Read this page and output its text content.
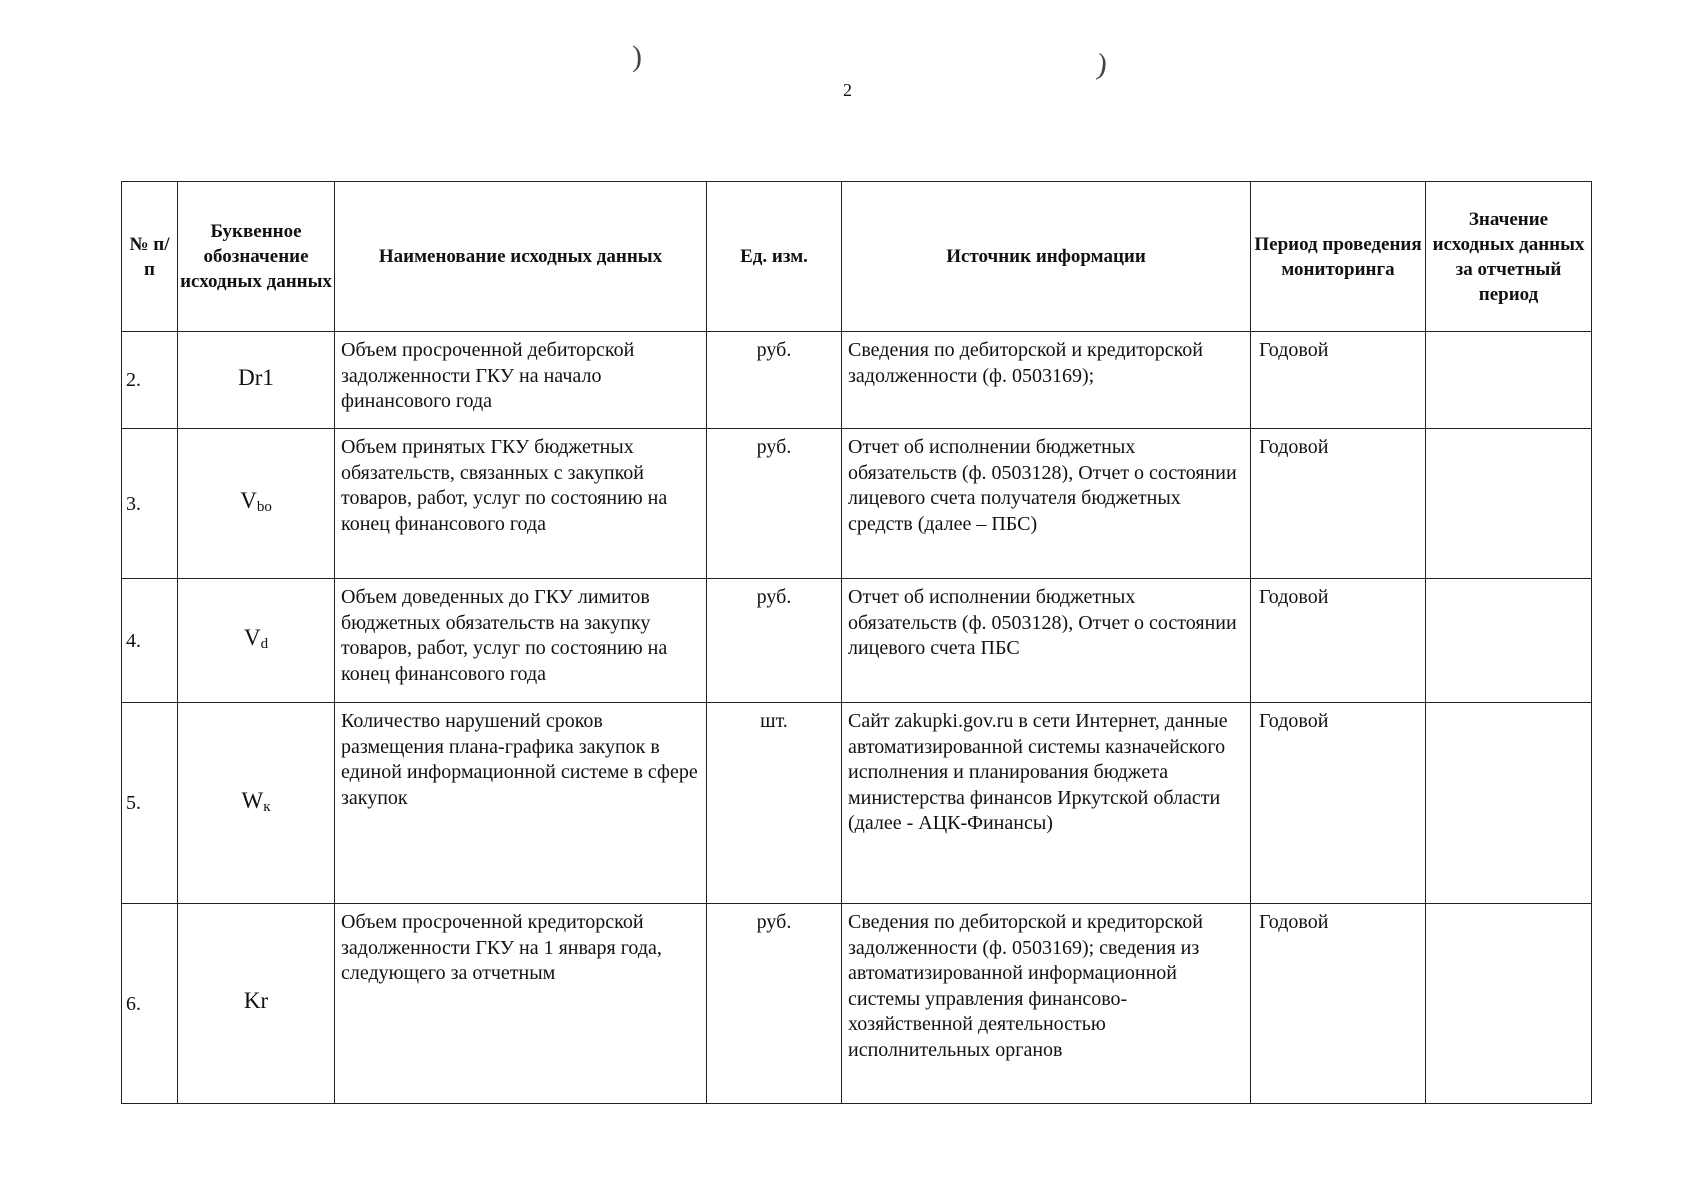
)	)
2
№ п/п	Буквенное обозначение исходных данных	Наименование исходных данных	Ед. изм.	Источник информации	Период проведения мониторинга	Значение исходных данных за отчетный период
2.	Dr1	Объем просроченной дебиторской задолженности ГКУ на начало финансового года	руб.	Сведения по дебиторской и кредиторской задолженности (ф. 0503169);	Годовой	
3.	$V_{bo}$	Объем принятых ГКУ бюджетных обязательств, связанных с закупкой товаров, работ, услуг по состоянию на конец финансового года	руб.	Отчет об исполнении бюджетных обязательств (ф. 0503128), Отчет о состоянии лицевого счета получателя бюджетных средств (далее – ПБС)	Годовой	
4.	$V_d$	Объем доведенных до ГКУ лимитов бюджетных обязательств на закупку товаров, работ, услуг по состоянию на конец финансового года	руб.	Отчет об исполнении бюджетных обязательств (ф. 0503128), Отчет о состоянии лицевого счета ПБС	Годовой	
5.	$W_к$	Количество нарушений сроков размещения плана-графика закупок в единой информационной системе в сфере закупок	шт.	Сайт zakupki.gov.ru в сети Интернет, данные автоматизированной системы казначейского исполнения и планирования бюджета министерства финансов Иркутской области (далее - АЦК-Финансы)	Годовой	
6.	Kr	Объем просроченной кредиторской задолженности ГКУ на 1 января года, следующего за отчетным	руб.	Сведения по дебиторской и кредиторской задолженности (ф. 0503169); сведения из автоматизированной информационной системы управления финансово-хозяйственной деятельностью исполнительных органов	Годовой	
